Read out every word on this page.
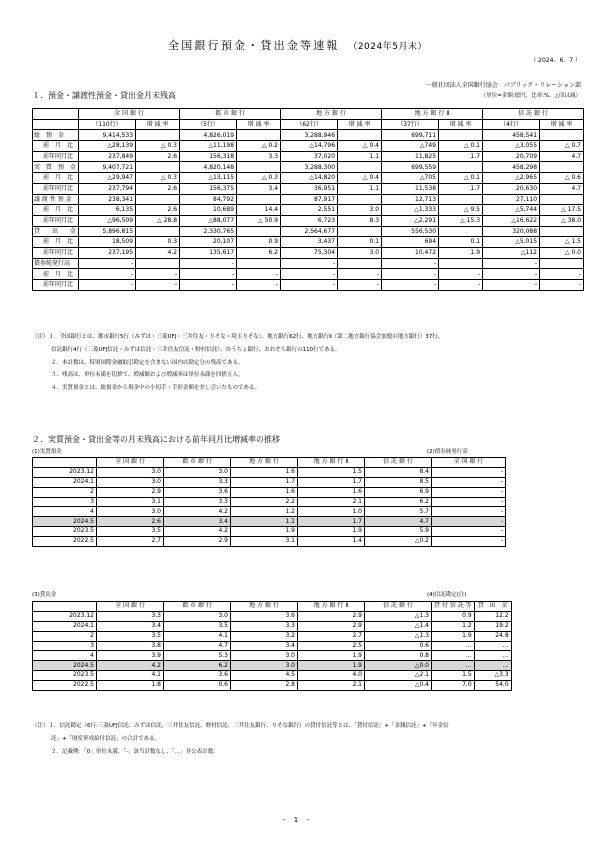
全国銀行預金・貸出金等速報　 （2024年5月末）
（ 2024．6．7 ）
一般社団法人全国銀行協会　パブリック・リレーション部
１．預金・譲渡性預金・貸出金月末残高	（単位=金額:億円、比率:%、△印は減）
	全 国 銀 行		都 市 銀 行		地 方 銀 行		地 方 銀 行 Ⅱ		信 託 銀 行	
	（110行）	増 減 率	（5行）	増 減 率	（62行）	増 減 率	（37行）	増 減 率	（4行）	増 減 率
総　預　金	9,414,533		4,826,019		3,288,946		699,711		458,541	
前　月　比	△28,139	△ 0.3	△11,198	△ 0.2	△14,796	△ 0.4	△749	△ 0.1	△3,055	△ 0.7
前年同月比	237,849	2.6	156,318	3.3	37,020	1.1	11,825	1.7	20,709	4.7
実　質　預　金	9,407,721		4,820,148		3,288,300		699,559		458,298	
前　月　比	△29,947	△ 0.3	△13,115	△ 0.3	△14,820	△ 0.4	△705	△ 0.1	△2,965	△ 0.6
前年同月比	237,794	2.6	156,375	3.4	36,951	1.1	11,538	1.7	20,630	4.7
譲 渡 性 預 金	238,341		84,792		87,917		12,713		27,110	
前　月　比	6,135	2.6	10,689	14.4	2,551	3.0	△1,333	△ 9.5	△5,744	△ 17.5
前年同月比	△96,509	△ 28.8	△88,077	△ 50.9	6,723	8.3	△2,291	△ 15.3	△16,622	△ 38.0
貸　　出　　金	5,896,815		2,330,765		2,564,677		556,530		320,088	
前　月　比	18,509	0.3	20,107	0.9	3,437	0.1	694	0.1	△5,015	△ 1.5
前年同月比	237,195	4.2	135,617	6.2	75,304	3.0	10,472	1.9	△112	△ 0.0
債券純発行高	-		-		-		-		-	
前　月　比	-	-	-	-	-	-	-	-	-	-
前年同月比	-	-	-	-	-	-	-	-	-	-
（注）１．全国銀行とは、都市銀行5行（みずほ・三菱UFJ・三井住友・りそな・埼玉りそな）、地方銀行62行、地方銀行Ⅱ（第二地方銀行協会加盟の地方銀行）37行、
信託銀行4行（三菱UFJ信託・みずほ信託・三井住友信託・野村信託）、ゆうちょ銀行、おおぞら銀行の110行である。
２．本計数は、特別国際金融取引勘定を含まない国内店勘定分の残高である。
３．残高は、単位未満を切捨て、増減額および増減率は単位未満を四捨五入。
４．実質預金とは、総預金から現金中の小切手・手形金額を差し引いたものである。
２．実質預金・貸出金等の月末残高における前年同月比増減率の推移
(1)実質預金	(2)債券純発行高
	全 国 銀 行	都 市 銀 行	地 方 銀 行	地 方 銀 行 Ⅱ	信 託 銀 行	全 国 銀 行
2023.12	3.0	3.0	1.6	1.5	8.4	-
2024.1	3.0	3.3	1.7	1.7	8.5	-
2	2.9	3.6	1.6	1.6	6.9	-
3	3.1	3.3	2.2	2.1	6.2	-
4	3.0	4.2	1.2	1.0	5.7	-
2024.5	2.6	3.4	1.1	1.7	4.7	-
2023.5	3.5	4.2	1.9	1.9	5.9	-
2022.5	2.7	2.9	3.1	1.4	△0.2	-
(3)貸出金	(4)信託勘定(注)
	全 国 銀 行	都 市 銀 行	地 方 銀 行	地 方 銀 行 Ⅱ	信 託 銀 行	貸 付 信 託 等	貸　出　金
2023.12	3.3	3.0	3.6	2.9	△1.3	0.9	12.2
2024.1	3.4	3.5	3.3	2.9	△1.4	1.2	19.2
2	3.5	4.1	3.2	2.7	△1.3	1.9	24.8
3	3.8	4.7	3.4	2.5	0.6	…	…
4	3.9	5.3	3.0	1.9	0.8	…	…
2024.5	4.2	6.2	3.0	1.9	△0.0	…	…
2023.5	4.1	3.6	4.5	4.0	△2.1	1.5	△3.3
2022.5	1.8	0.6	2.8	2.1	△0.4	7.0	54.0
（注）１．信託勘定（6行:三菱UFJ信託、みずほ信託、三井住友信託、野村信託、三井住友銀行、りそな銀行）の貸付信託等とは、「貸付信託」+「金銭信託」+「年金信
託」+「財産形成給付信託」の合計である。
２．記載例：「0」単位未満、「-」該当計数なし、「…」非公表計数。
- 1 -
